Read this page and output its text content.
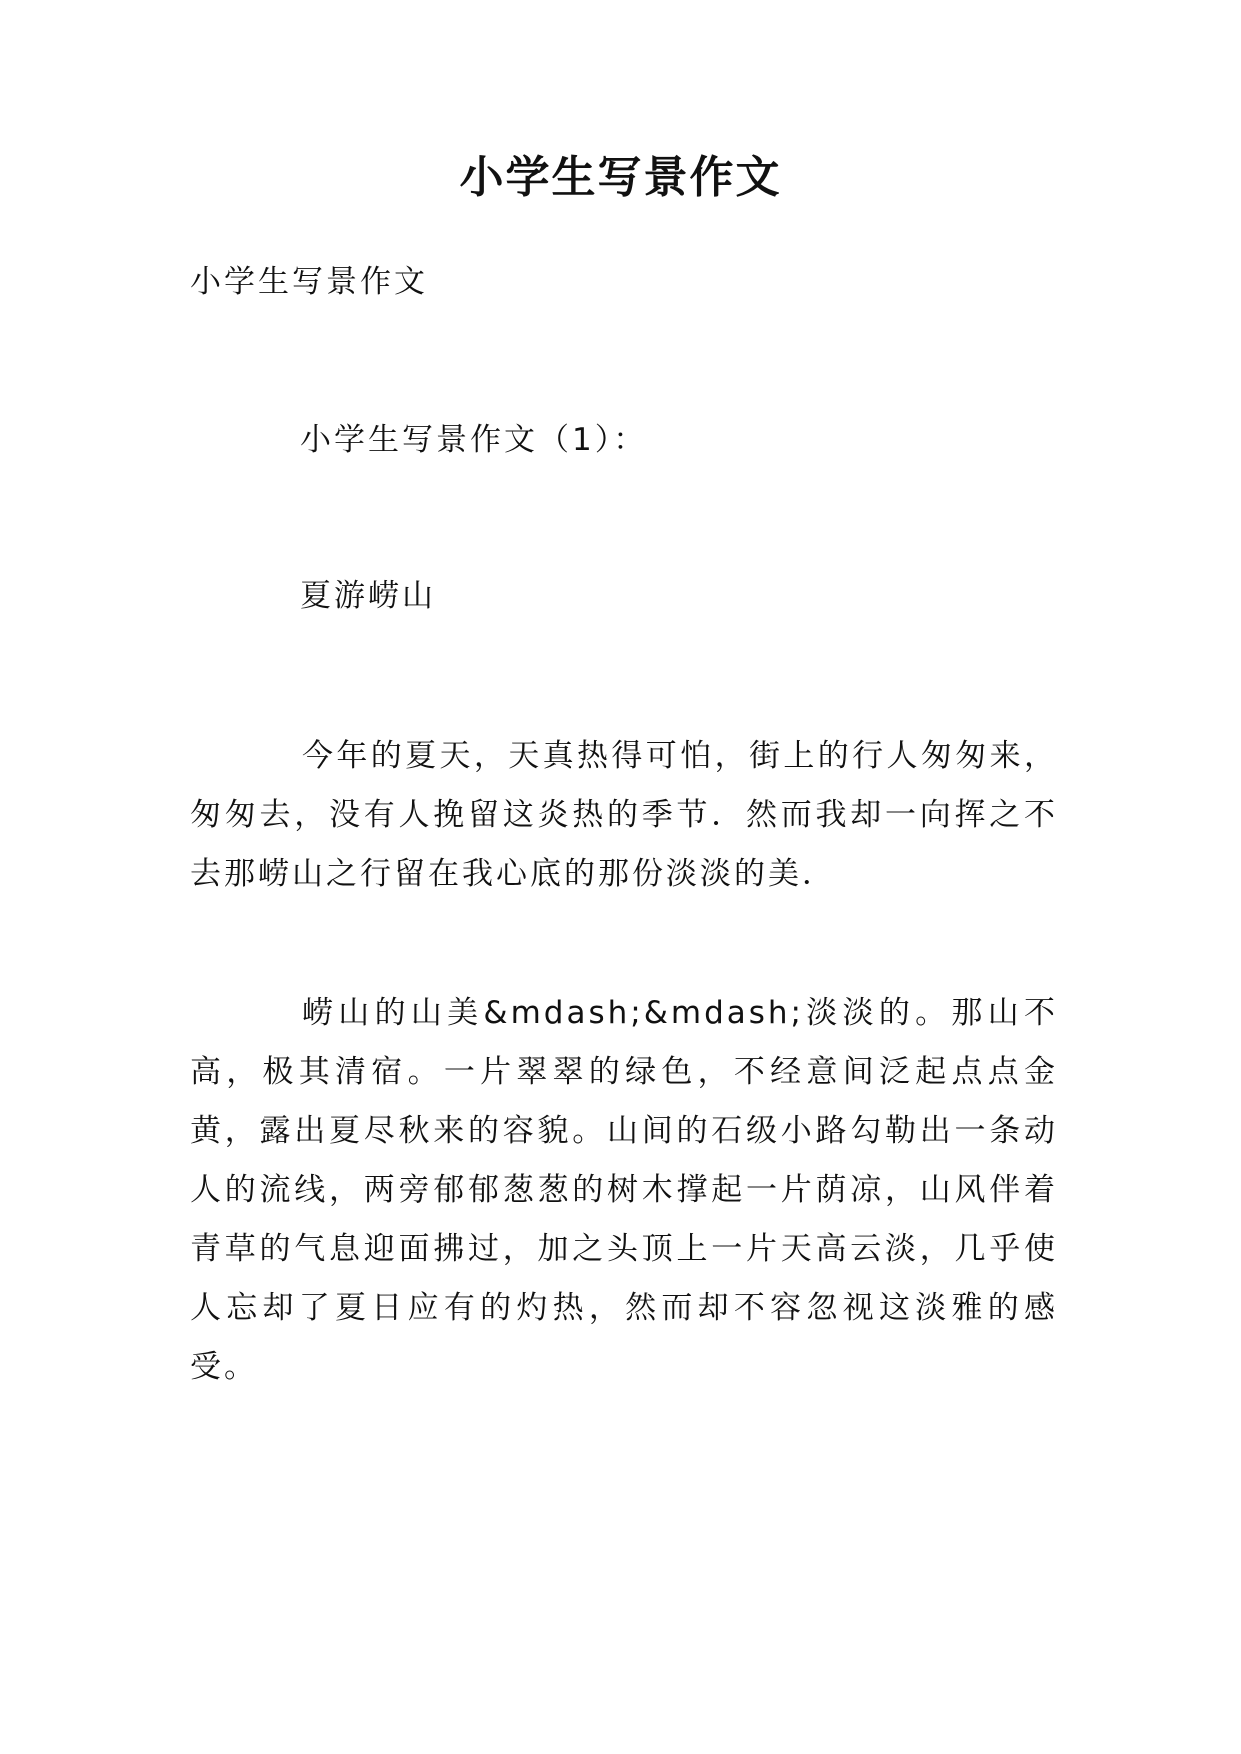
小学生写景作文

小学生写景作文

小学生写景作文（1）：

夏游崂山

今年的夏天，天真热得可怕，街上的行人匆匆来，匆匆去，没有人挽留这炎热的季节．然而我却一向挥之不去那崂山之行留在我心底的那份淡淡的美．

崂山的山美&mdash;&mdash;淡淡的。那山不高，极其清宿。一片翠翠的绿色，不经意间泛起点点金黄，露出夏尽秋来的容貌。山间的石级小路勾勒出一条动人的流线，两旁郁郁葱葱的树木撑起一片荫凉，山风伴着青草的气息迎面拂过，加之头顶上一片天高云淡，几乎使人忘却了夏日应有的灼热，然而却不容忽视这淡雅的感受。
